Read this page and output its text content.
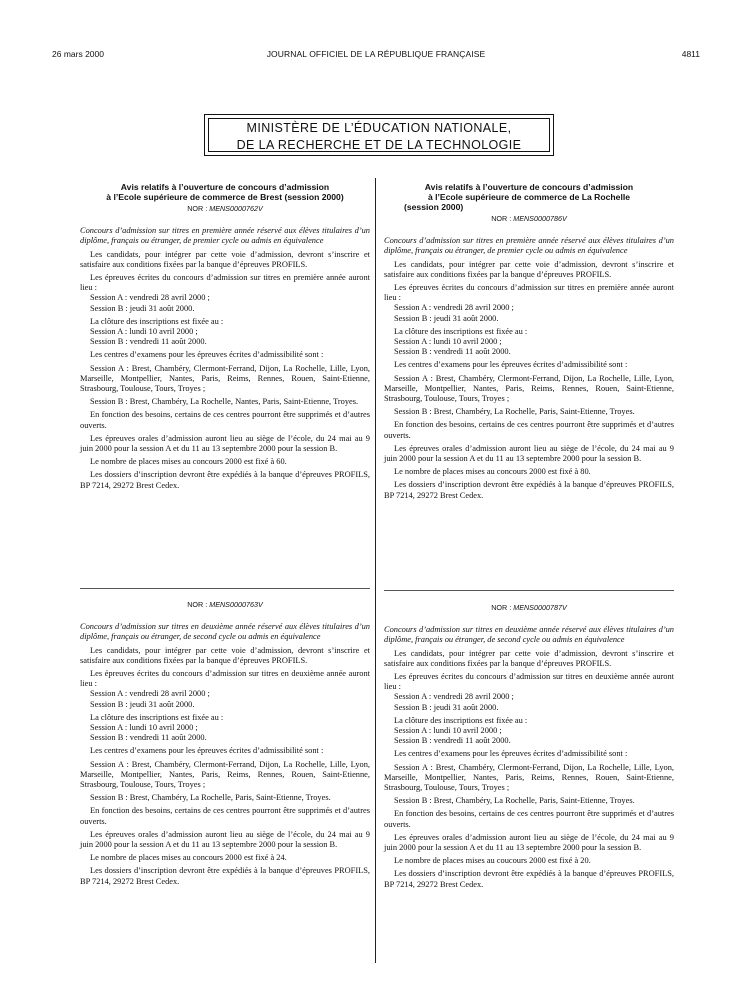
26 mars 2000	JOURNAL OFFICIEL DE LA RÉPUBLIQUE FRANÇAISE	4811
MINISTÈRE DE L’ÉDUCATION NATIONALE,
DE LA RECHERCHE ET DE LA TECHNOLOGIE
Avis relatifs à l’ouverture de concours d’admission
à l’Ecole supérieure de commerce de Brest (session 2000)
NOR : MENS0000762V
Concours d’admission sur titres en première année réservé aux élèves titulaires d’un diplôme, français ou étranger, de premier cycle ou admis en équivalence
Les candidats, pour intégrer par cette voie d’admission, devront s’inscrire et satisfaire aux conditions fixées par la banque d’épreuves PROFILS.
Les épreuves écrites du concours d’admission sur titres en première année auront lieu :
Session A : vendredi 28 avril 2000 ;
Session B : jeudi 31 août 2000.
La clôture des inscriptions est fixée au :
Session A : lundi 10 avril 2000 ;
Session B : vendredi 11 août 2000.
Les centres d’examens pour les épreuves écrites d’admissibilité sont :
Session A : Brest, Chambéry, Clermont-Ferrand, Dijon, La Rochelle, Lille, Lyon, Marseille, Montpellier, Nantes, Paris, Reims, Rennes, Rouen, Saint-Etienne, Strasbourg, Toulouse, Tours, Troyes ;
Session B : Brest, Chambéry, La Rochelle, Nantes, Paris, Saint-Etienne, Troyes.
En fonction des besoins, certains de ces centres pourront être supprimés et d’autres ouverts.
Les épreuves orales d’admission auront lieu au siège de l’école, du 24 mai au 9 juin 2000 pour la session A et du 11 au 13 septembre 2000 pour la session B.
Le nombre de places mises au concours 2000 est fixé à 60.
Les dossiers d’inscription devront être expédiés à la banque d’épreuves PROFILS, BP 7214, 29272 Brest Cedex.
NOR : MENS0000763V
Concours d’admission sur titres en deuxième année réservé aux élèves titulaires d’un diplôme, français ou étranger, de second cycle ou admis en équivalence
Les candidats, pour intégrer par cette voie d’admission, devront s’inscrire et satisfaire aux conditions fixées par la banque d’épreuves PROFILS.
Les épreuves écrites du concours d’admission sur titres en deuxième année auront lieu :
Session A : vendredi 28 avril 2000 ;
Session B : jeudi 31 août 2000.
La clôture des inscriptions est fixée au :
Session A : lundi 10 avril 2000 ;
Session B : vendredi 11 août 2000.
Les centres d’examens pour les épreuves écrites d’admissibilité sont :
Session A : Brest, Chambéry, Clermont-Ferrand, Dijon, La Rochelle, Lille, Lyon, Marseille, Montpellier, Nantes, Paris, Reims, Rennes, Rouen, Saint-Etienne, Strasbourg, Toulouse, Tours, Troyes ;
Session B : Brest, Chambéry, La Rochelle, Paris, Saint-Etienne, Troyes.
En fonction des besoins, certains de ces centres pourront être supprimés et d’autres ouverts.
Les épreuves orales d’admission auront lieu au siège de l’école, du 24 mai au 9 juin 2000 pour la session A et du 11 au 13 septembre 2000 pour la session B.
Le nombre de places mises au concours 2000 est fixé à 24.
Les dossiers d’inscription devront être expédiés à la banque d’épreuves PROFILS, BP 7214, 29272 Brest Cedex.
Avis relatifs à l’ouverture de concours d’admission
à l’Ecole supérieure de commerce de La Rochelle
(session 2000)
NOR : MENS0000786V
Concours d’admission sur titres en première année réservé aux élèves titulaires d’un diplôme, français ou étranger, de premier cycle ou admis en équivalence
Les candidats, pour intégrer par cette voie d’admission, devront s’inscrire et satisfaire aux conditions fixées par la banque d’épreuves PROFILS.
Les épreuves écrites du concours d’admission sur titres en première année auront lieu :
Session A : vendredi 28 avril 2000 ;
Session B : jeudi 31 août 2000.
La clôture des inscriptions est fixée au :
Session A : lundi 10 avril 2000 ;
Session B : vendredi 11 août 2000.
Les centres d’examens pour les épreuves écrites d’admissibilité sont :
Session A : Brest, Chambéry, Clermont-Ferrand, Dijon, La Rochelle, Lille, Lyon, Marseille, Montpellier, Nantes, Paris, Reims, Rennes, Rouen, Saint-Etienne, Strasbourg, Toulouse, Tours, Troyes ;
Session B : Brest, Chambéry, La Rochelle, Paris, Saint-Etienne, Troyes.
En fonction des besoins, certains de ces centres pourront être supprimés et d’autres ouverts.
Les épreuves orales d’admission auront lieu au siège de l’école, du 24 mai au 9 juin 2000 pour la session A et du 11 au 13 septembre 2000 pour la session B.
Le nombre de places mises au concours 2000 est fixé à 80.
Les dossiers d’inscription devront être expédiés à la banque d’épreuves PROFILS, BP 7214, 29272 Brest Cedex.
NOR : MENS0000787V
Concours d’admission sur titres en deuxième année réservé aux élèves titulaires d’un diplôme, français ou étranger, de second cycle ou admis en équivalence
Les candidats, pour intégrer par cette voie d’admission, devront s’inscrire et satisfaire aux conditions fixées par la banque d’épreuves PROFILS.
Les épreuves écrites du concours d’admission sur titres en deuxième année auront lieu :
Session A : vendredi 28 avril 2000 ;
Session B : jeudi 31 août 2000.
La clôture des inscriptions est fixée au :
Session A : lundi 10 avril 2000 ;
Session B : vendredi 11 août 2000.
Les centres d’examens pour les épreuves écrites d’admissibilité sont :
Session A : Brest, Chambéry, Clermont-Ferrand, Dijon, La Rochelle, Lille, Lyon, Marseille, Montpellier, Nantes, Paris, Reims, Rennes, Rouen, Saint-Etienne, Strasbourg, Toulouse, Tours, Troyes ;
Session B : Brest, Chambéry, La Rochelle, Paris, Saint-Etienne, Troyes.
En fonction des besoins, certains de ces centres pourront être supprimés et d’autres ouverts.
Les épreuves orales d’admission auront lieu au siège de l’école, du 24 mai au 9 juin 2000 pour la session A et du 11 au 13 septembre 2000 pour la session B.
Le nombre de places mises au coucours 2000 est fixé à 20.
Les dossiers d’inscription devront être expédiés à la banque d’épreuves PROFILS, BP 7214, 29272 Brest Cedex.
